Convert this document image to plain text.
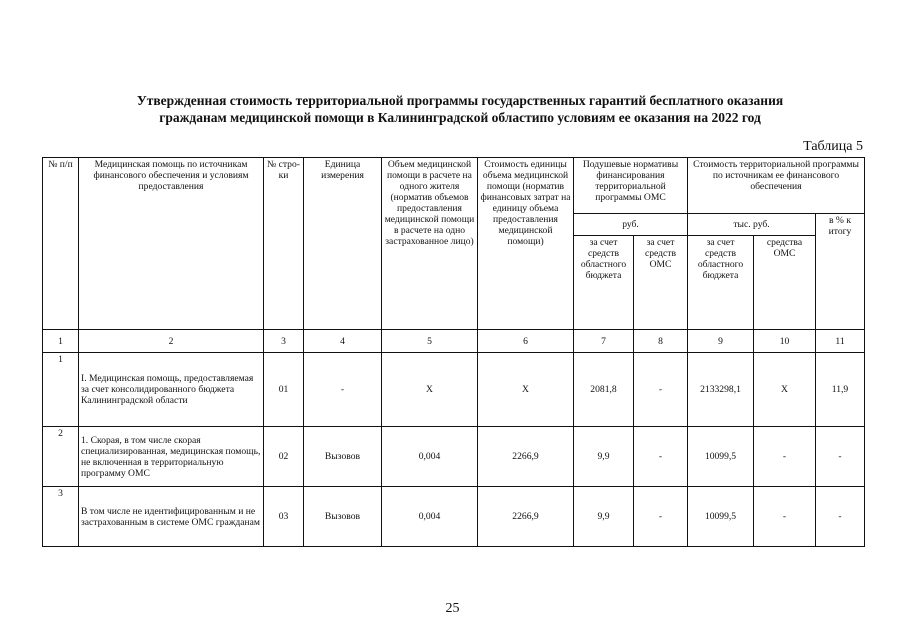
Утвержденная стоимость территориальной программы государственных гарантий бесплатного оказания
гражданам медицинской помощи в Калининградской областипо условиям ее оказания на 2022 год
Таблица 5
№ п/п	Медицинская помощь по источникам финансового обеспечения и условиям предоставления	№ стро-ки	Единица измерения	Объем медицинской помощи в расчете на одного жителя (норматив объемов предоставления медицинской помощи в расчете на одно застрахованное лицо)	Стоимость единицы объема медицинской помощи (норматив финансовых затрат на единицу объема предоставления медицинской помощи)	Подушевые нормативы финансирования территориальной программы ОМС		Стоимость территориальной программы по источникам ее финансового обеспечения		
						руб.		тыс. руб.		в % к итогу
						за счет средств областного бюджета	за счет средств ОМС	за счет средств областного бюджета	средства ОМС	
1	2	3	4	5	6	7	8	9	10	11
1	I. Медицинская помощь, предоставляемая за счет консолидированного бюджета Калининградской области	01	-	X	X	2081,8	-	2133298,1	X	11,9
2	1. Скорая, в том числе скорая специализированная, медицинская помощь, не включенная в территориальную программу ОМС	02	Вызовов	0,004	2266,9	9,9	-	10099,5	-	-
3	В том числе не идентифицированным и не застрахованным в системе ОМС гражданам	03	Вызовов	0,004	2266,9	9,9	-	10099,5	-	-
25
